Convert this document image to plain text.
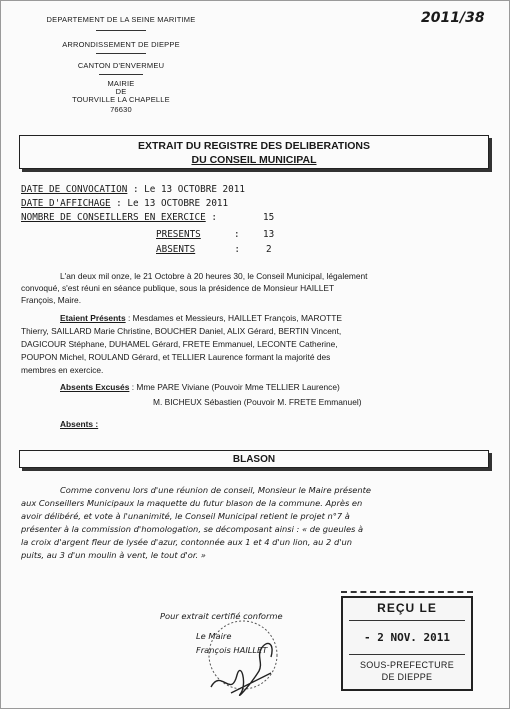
DEPARTEMENT DE LA SEINE MARITIME
ARRONDISSEMENT DE DIEPPE
CANTON D'ENVERMEU
MAIRIE
DE
TOURVILLE LA CHAPELLE
76630
2011/38
EXTRAIT DU REGISTRE DES DELIBERATIONS
DU CONSEIL MUNICIPAL
DATE DE CONVOCATION : Le 13 OCTOBRE 2011
DATE D'AFFICHAGE : Le 13 OCTOBRE 2011
NOMBRE DE CONSEILLERS EN EXERCICE :	15
PRESENTS	:	13
ABSENTS	:	2
L'an deux mil onze, le 21 Octobre à 20 heures 30, le Conseil Municipal, légalement
convoqué, s'est réuni en séance publique, sous la présidence de Monsieur HAILLET
François, Maire.
Etaient Présents : Mesdames et Messieurs, HAILLET François, MAROTTE
Thierry, SAILLARD Marie Christine, BOUCHER Daniel, ALIX Gérard, BERTIN Vincent,
DAGICOUR Stéphane, DUHAMEL Gérard, FRETE Emmanuel, LECONTE Catherine,
POUPON Michel, ROULAND Gérard, et TELLIER Laurence formant la majorité des
membres en exercice.
Absents Excusés : Mme PARE Viviane (Pouvoir Mme TELLIER Laurence)
M. BICHEUX Sébastien (Pouvoir M. FRETE Emmanuel)
Absents :
BLASON
Comme convenu lors d'une réunion de conseil, Monsieur le Maire présente
aux Conseillers Municipaux la maquette du futur blason de la commune. Après en
avoir délibéré, et vote à l'unanimité, le Conseil Municipal retient le projet n°7 à
présenter à la commission d'homologation, se décomposant ainsi : « de gueules à
la croix d'argent fleur de lysée d'azur, contonnée aux 1 et 4 d'un lion, au 2 d'un
puits, au 3 d'un moulin à vent, le tout d'or. »
Pour extrait certifié conforme
Le Maire
François HAILLET
REÇU LE
- 2 NOV. 2011
SOUS-PREFECTURE
DE DIEPPE
